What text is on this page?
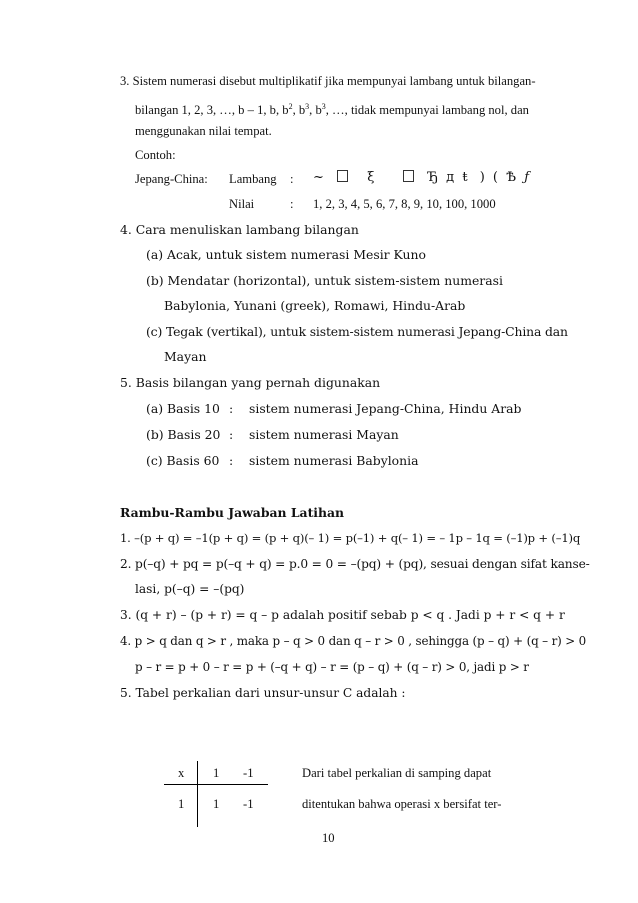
3. Sistem numerasi disebut multiplikatif jika mempunyai lambang untuk bilangan-
bilangan 1, 2, 3, …, b – 1, b, $b^2$, $b^3$, $b^3$, …, tidak mempunyai lambang nol, dan
menggunakan nilai tempat.
Contoh:
Jepang-China: Lambang : ~	ξ	Ђ д ŧ ) ( Ѣ ƒ
Nilai	: 1, 2, 3, 4, 5, 6, 7, 8, 9, 10, 100, 1000
4. Cara menuliskan lambang bilangan
(a) Acak, untuk sistem numerasi Mesir Kuno
(b) Mendatar (horizontal), untuk sistem-sistem numerasi
Babylonia, Yunani (greek), Romawi, Hindu-Arab
(c) Tegak (vertikal), untuk sistem-sistem numerasi Jepang-China dan
Mayan
5. Basis bilangan yang pernah digunakan
(a) Basis 10 : sistem numerasi Jepang-China, Hindu Arab
(b) Basis 20 : sistem numerasi Mayan
(c) Basis 60 : sistem numerasi Babylonia
Rambu-Rambu Jawaban Latihan
1. –(p + q) = –1(p + q) = (p + q)(– 1) = p(–1) + q(– 1) = – 1p – 1q = (–1)p + (–1)q
2. p(–q) + pq = p(–q + q) = p.0 = 0 = –(pq) + (pq), sesuai dengan sifat kanse-
lasi, p(–q) = –(pq)
3. (q + r) – (p + r) = q – p adalah positif sebab p < q . Jadi p + r < q + r
4. p > q dan q > r , maka p – q > 0 dan q – r > 0 , sehingga (p – q) + (q – r) > 0
p – r = p + 0 – r = p + (–q + q) – r = (p – q) + (q – r) > 0, jadi p > r
5. Tabel perkalian dari unsur-unsur C adalah :
x 1 -1
1 1 -1
Dari tabel perkalian di samping dapat
ditentukan bahwa operasi x bersifat ter-
10
